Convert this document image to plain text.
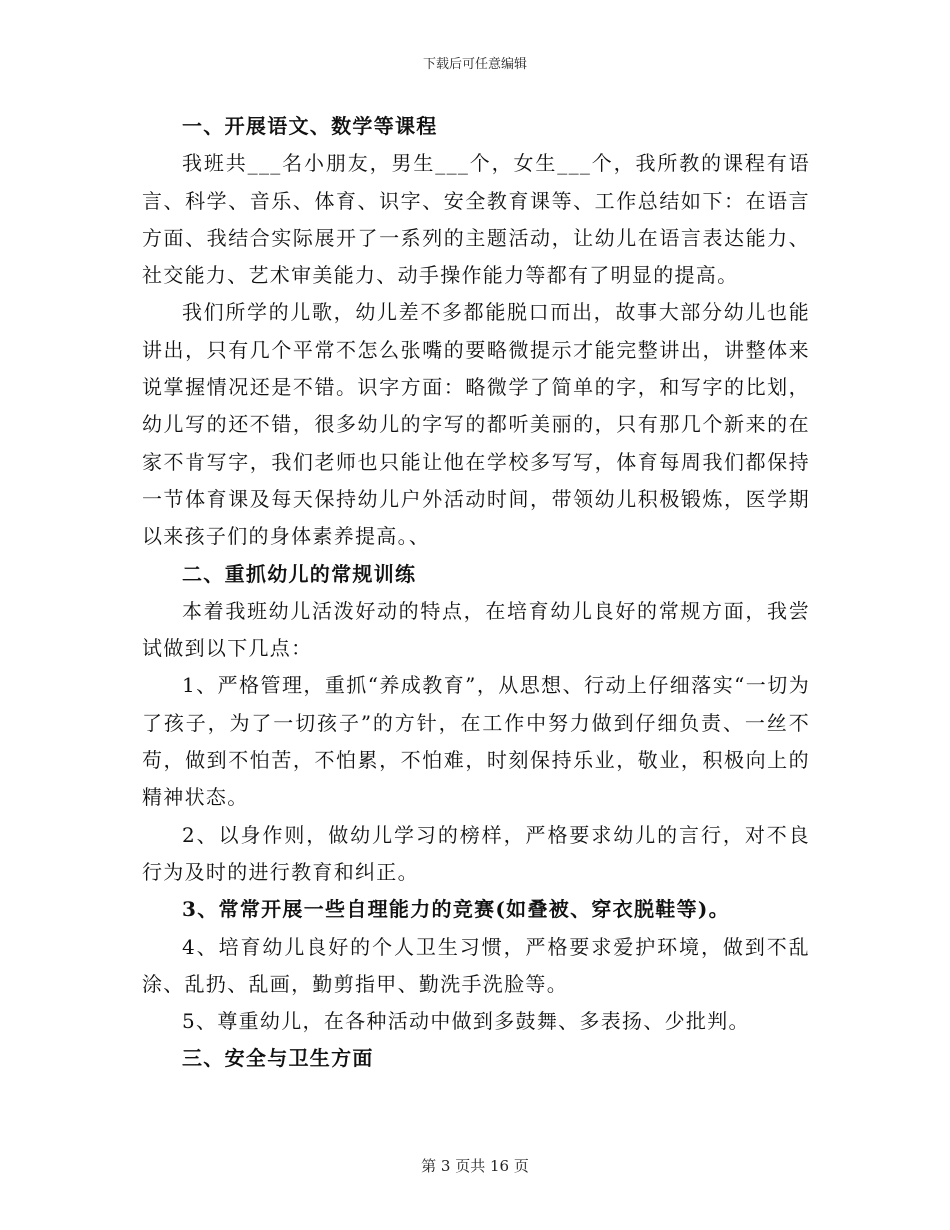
下载后可任意编辑

一、开展语文、数学等课程

我班共___名小朋友，男生___个，女生___个，我所教的课程有语言、科学、音乐、体育、识字、安全教育课等、工作总结如下：在语言方面、我结合实际展开了一系列的主题活动，让幼儿在语言表达能力、社交能力、艺术审美能力、动手操作能力等都有了明显的提高。

我们所学的儿歌，幼儿差不多都能脱口而出，故事大部分幼儿也能讲出，只有几个平常不怎么张嘴的要略微提示才能完整讲出，讲整体来说掌握情况还是不错。识字方面：略微学了简单的字，和写字的比划，幼儿写的还不错，很多幼儿的字写的都听美丽的，只有那几个新来的在家不肯写字，我们老师也只能让他在学校多写写，体育每周我们都保持一节体育课及每天保持幼儿户外活动时间，带领幼儿积极锻炼，医学期以来孩子们的身体素养提高。、

二、重抓幼儿的常规训练

本着我班幼儿活泼好动的特点，在培育幼儿良好的常规方面，我尝试做到以下几点：

1、严格管理，重抓“养成教育”，从思想、行动上仔细落实“一切为了孩子，为了一切孩子”的方针，在工作中努力做到仔细负责、一丝不苟，做到不怕苦，不怕累，不怕难，时刻保持乐业，敬业，积极向上的精神状态。

2、以身作则，做幼儿学习的榜样，严格要求幼儿的言行，对不良行为及时的进行教育和纠正。

3、常常开展一些自理能力的竞赛(如叠被、穿衣脱鞋等)。

4、培育幼儿良好的个人卫生习惯，严格要求爱护环境，做到不乱涂、乱扔、乱画，勤剪指甲、勤洗手洗脸等。

5、尊重幼儿，在各种活动中做到多鼓舞、多表扬、少批判。

三、安全与卫生方面

第 3 页共 16 页
